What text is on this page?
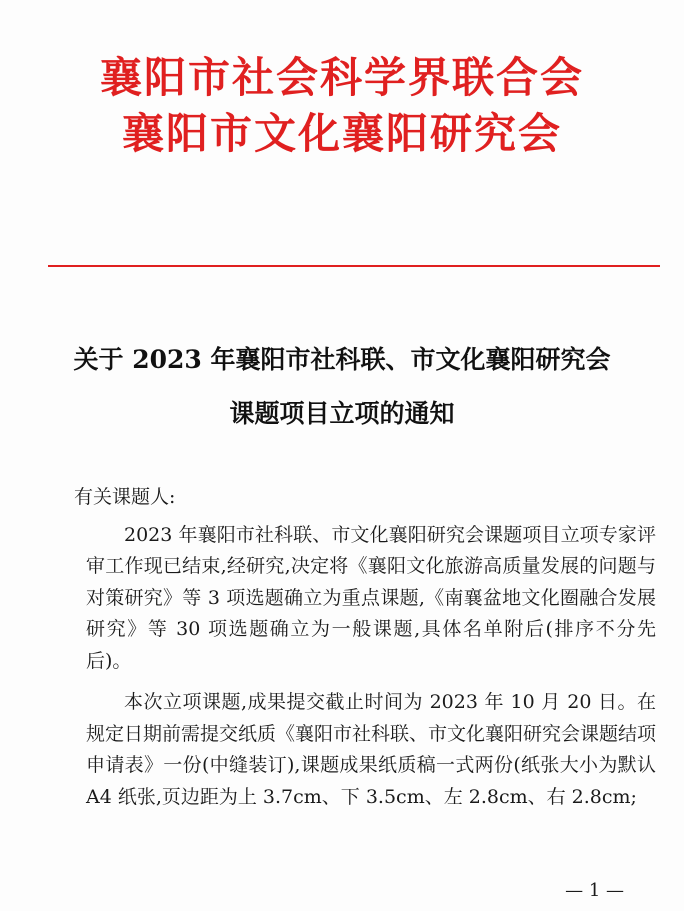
襄阳市社会科学界联合会
襄阳市文化襄阳研究会
关于 2023 年襄阳市社科联、市文化襄阳研究会
课题项目立项的通知

有关课题人:

2023 年襄阳市社科联、市文化襄阳研究会课题项目立项专家评审工作现已结束,经研究,决定将《襄阳文化旅游高质量发展的问题与对策研究》等 3 项选题确立为重点课题,《南襄盆地文化圈融合发展研究》等 30 项选题确立为一般课题,具体名单附后(排序不分先后)。

本次立项课题,成果提交截止时间为 2023 年 10 月 20 日。在规定日期前需提交纸质《襄阳市社科联、市文化襄阳研究会课题结项申请表》一份(中缝装订),课题成果纸质稿一式两份(纸张大小为默认 A4 纸张,页边距为上 3.7cm、下 3.5cm、左 2.8cm、右 2.8cm;

— 1 —
